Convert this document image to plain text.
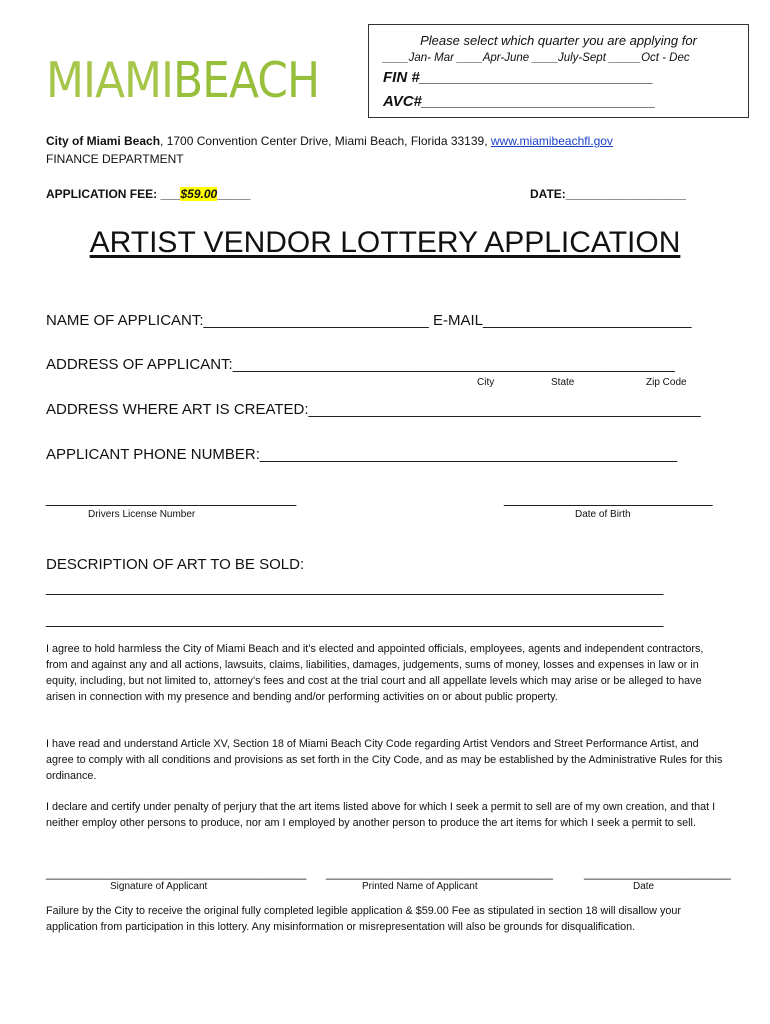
MIAMIBEACH
Please select which quarter you are applying for
____Jan- Mar ____Apr-June ____July-Sept _____Oct - Dec
FIN #____________________________
AVC#____________________________
City of Miami Beach, 1700 Convention Center Drive, Miami Beach, Florida 33139, www.miamibeachfl.gov
FINANCE DEPARTMENT
APPLICATION FEE: ___$59.00_____	DATE:__________________
ARTIST VENDOR LOTTERY APPLICATION
NAME OF APPLICANT:___________________________ E-MAIL_________________________
ADDRESS OF APPLICANT:_____________________________________________________
City	State	Zip Code
ADDRESS WHERE ART IS CREATED:_______________________________________________
APPLICANT PHONE NUMBER:__________________________________________________
______________________________
Drivers License Number
_________________________
Date of Birth
DESCRIPTION OF ART TO BE SOLD:
__________________________________________________________________________
__________________________________________________________________________
I agree to hold harmless the City of Miami Beach and it’s elected and appointed officials, employees, agents and independent contractors, from and against any and all actions, lawsuits, claims, liabilities, damages, judgements, sums of money, losses and expenses in law or in equity, including, but not limited to, attorney’s fees and cost at the trial court and all appellate levels which may arise or be alleged to have arisen in connection with my presence and bending and/or performing activities on or about public property.
I have read and understand Article XV, Section 18 of Miami Beach City Code regarding Artist Vendors and Street Performance Artist, and agree to comply with all conditions and provisions as set forth in the City Code, and as may be established by the Administrative Rules for this ordinance.
I declare and certify under penalty of perjury that the art items listed above for which I seek a permit to sell are of my own creation, and that I neither employ other persons to produce, nor am I employed by another person to produce the art items for which I seek a permit to sell.
_______________________________________
Signature of Applicant
__________________________________
Printed Name of Applicant
______________________
Date
Failure by the City to receive the original fully completed legible application & $59.00 Fee as stipulated in section 18 will disallow your application from participation in this lottery. Any misinformation or misrepresentation will also be grounds for disqualification.
